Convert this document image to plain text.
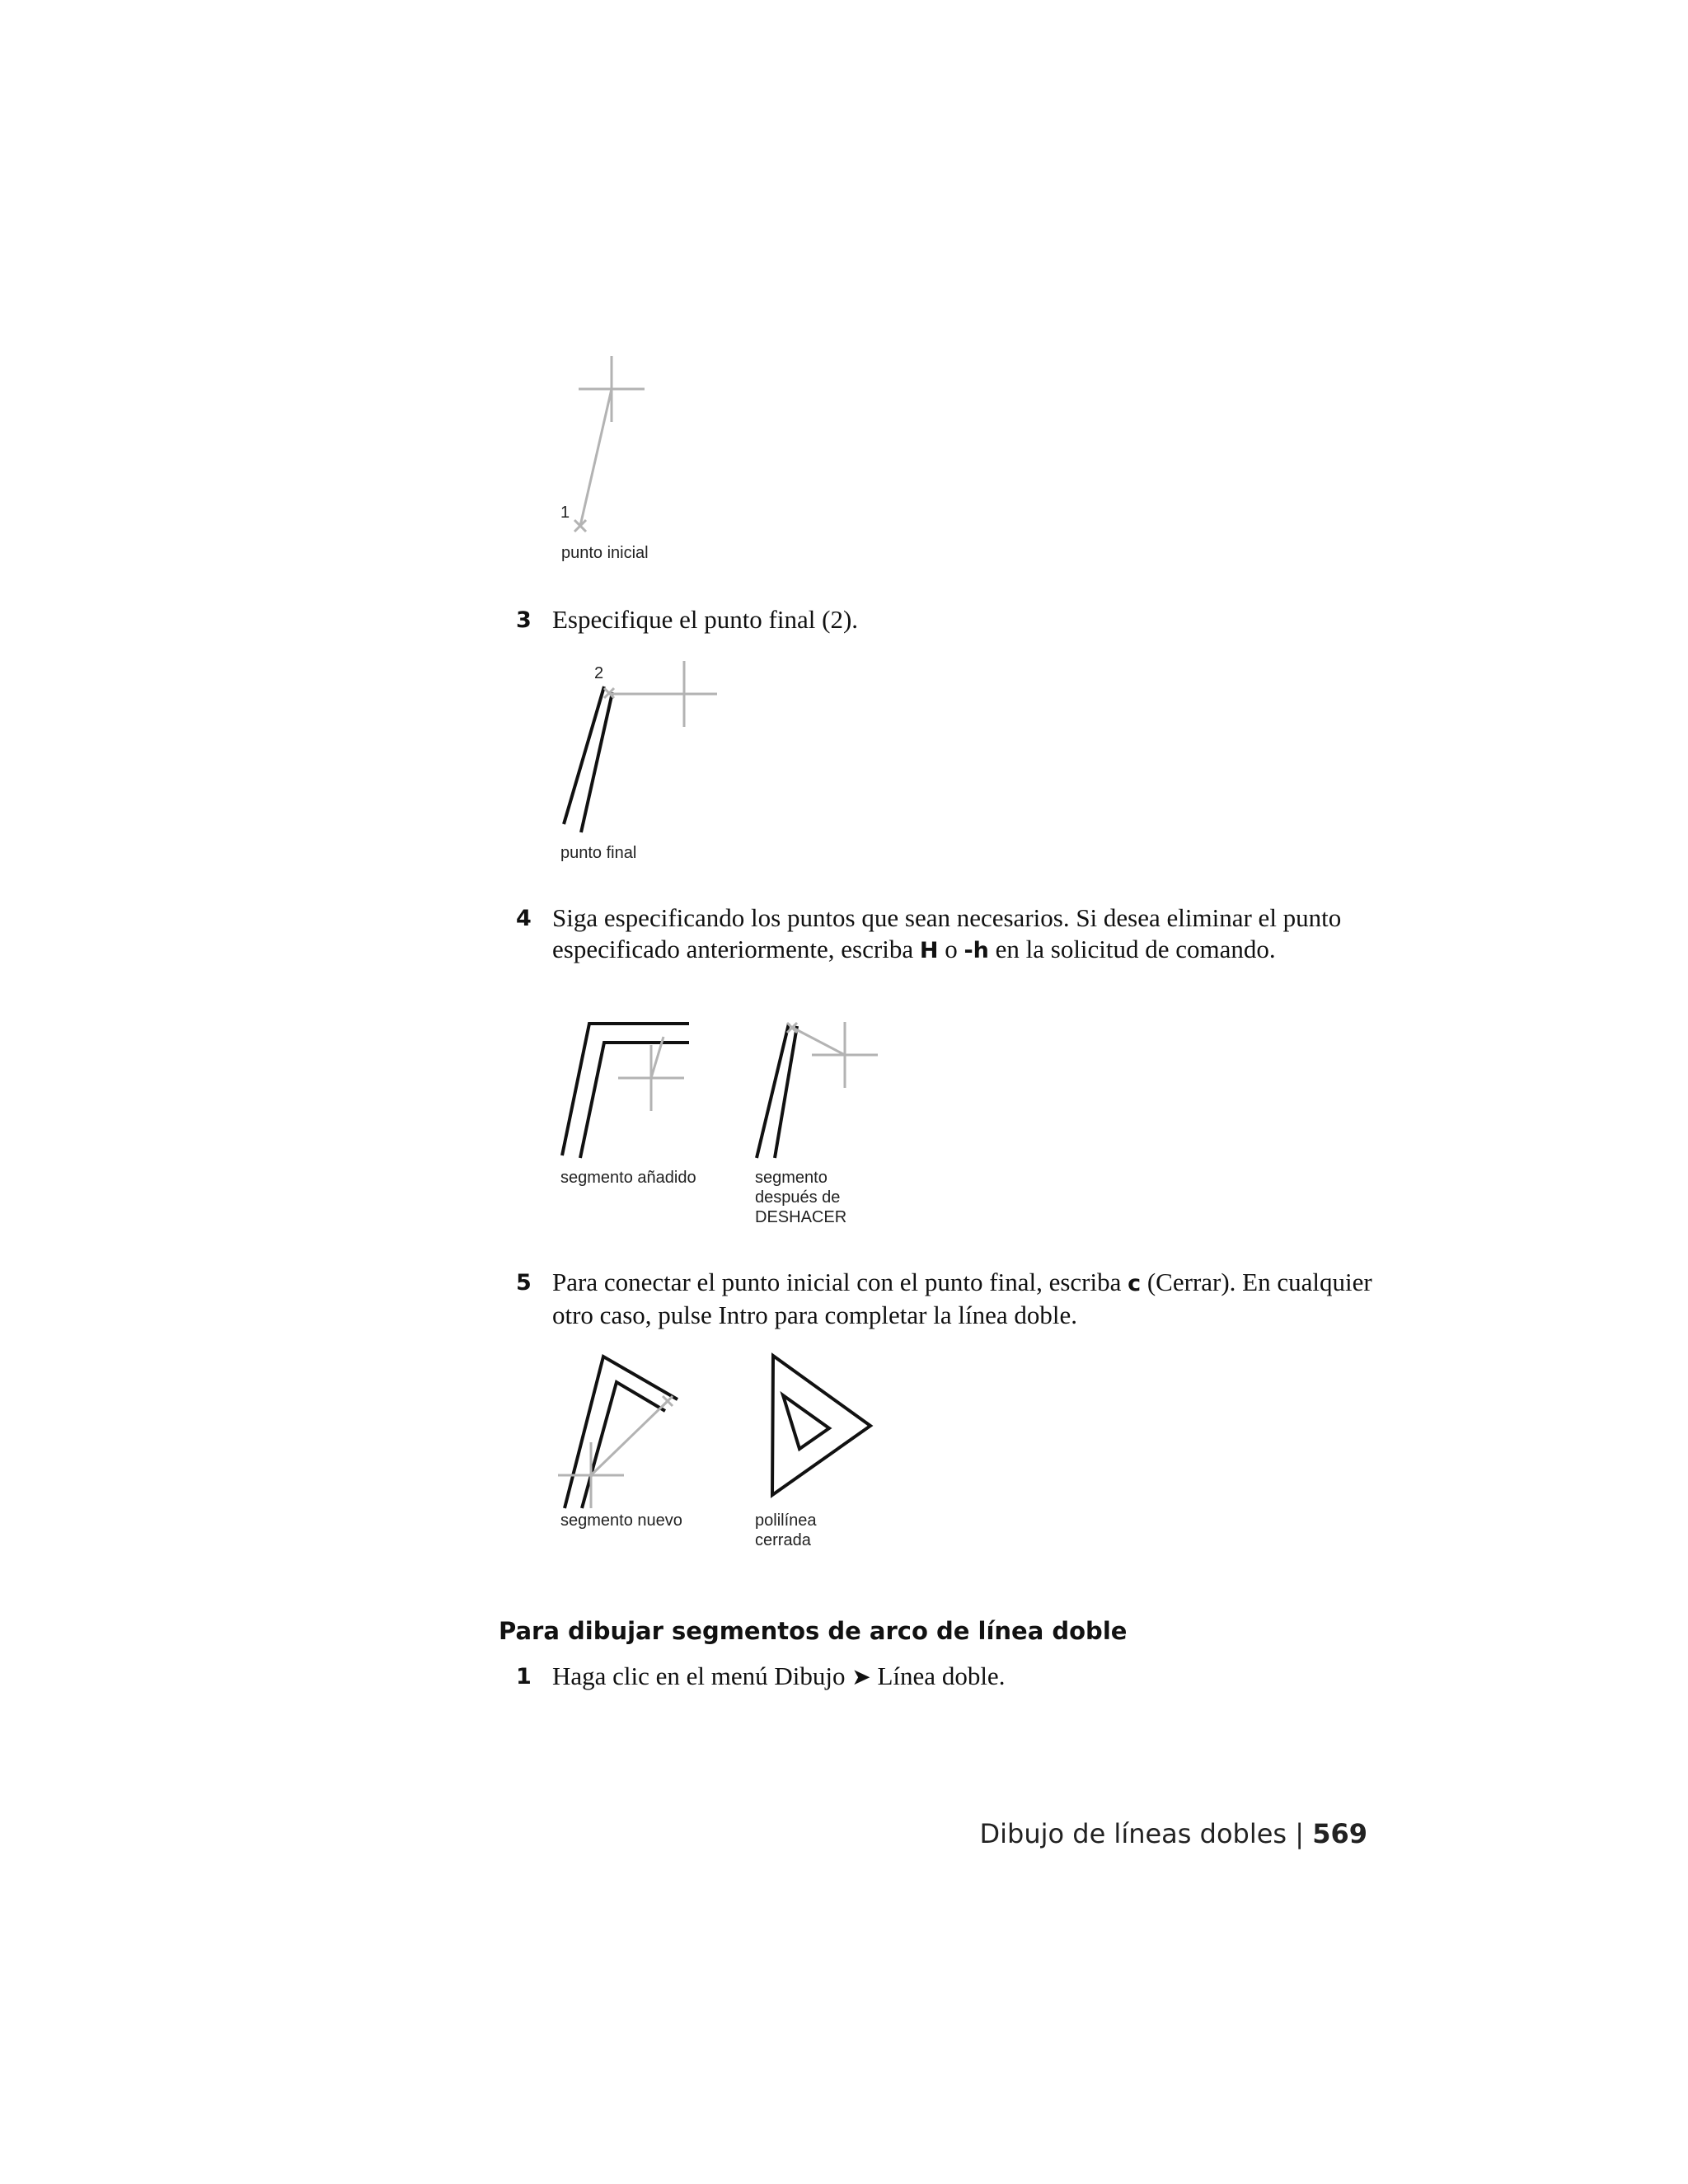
1
punto inicial
3 Especifique el punto final (2).
2
punto final
4 Siga especificando los puntos que sean necesarios. Si desea eliminar el punto especificado anteriormente, escriba H o -h en la solicitud de comando.
segmento añadido	segmento
después de
DESHACER
5 Para conectar el punto inicial con el punto final, escriba c (Cerrar). En cualquier otro caso, pulse Intro para completar la línea doble.
segmento nuevo	polilínea
cerrada
Para dibujar segmentos de arco de línea doble
1 Haga clic en el menú Dibujo ➤ Línea doble.
Dibujo de líneas dobles | 569
